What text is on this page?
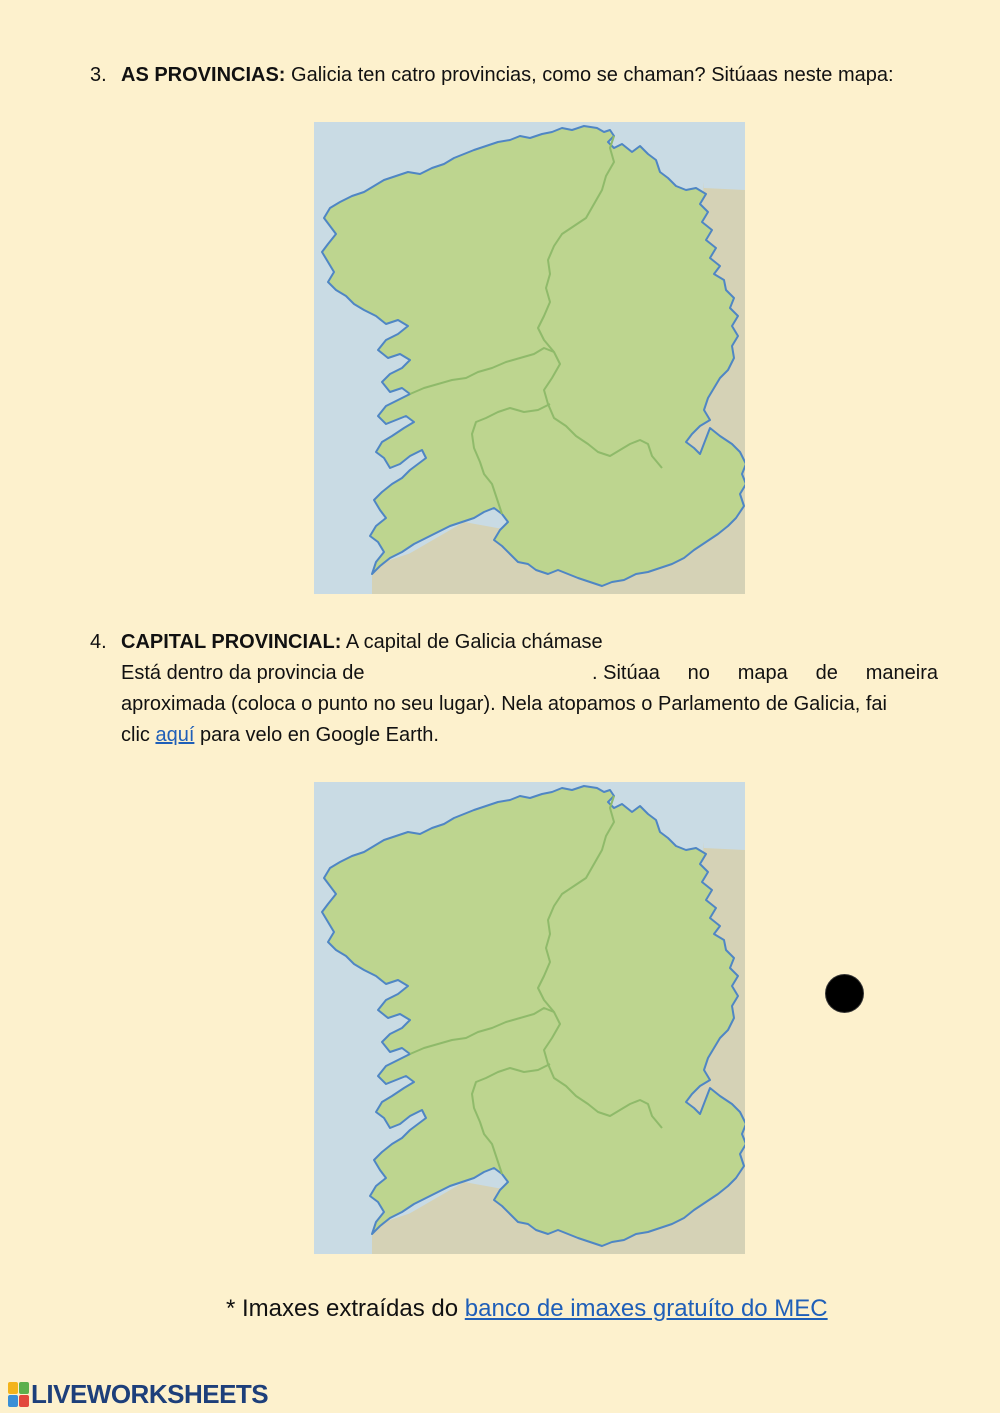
3. AS PROVINCIAS: Galicia ten catro provincias, como se chaman? Sitúaas neste mapa:
4. CAPITAL PROVINCIAL: A capital de Galicia chámase
Está dentro da provincia de	. Sitúaa no mapa de maneira
aproximada (coloca o punto no seu lugar). Nela atopamos o Parlamento de Galicia, fai
clic aquí para velo en Google Earth.
* Imaxes extraídas do banco de imaxes gratuíto do MEC
LIVEWORKSHEETS
